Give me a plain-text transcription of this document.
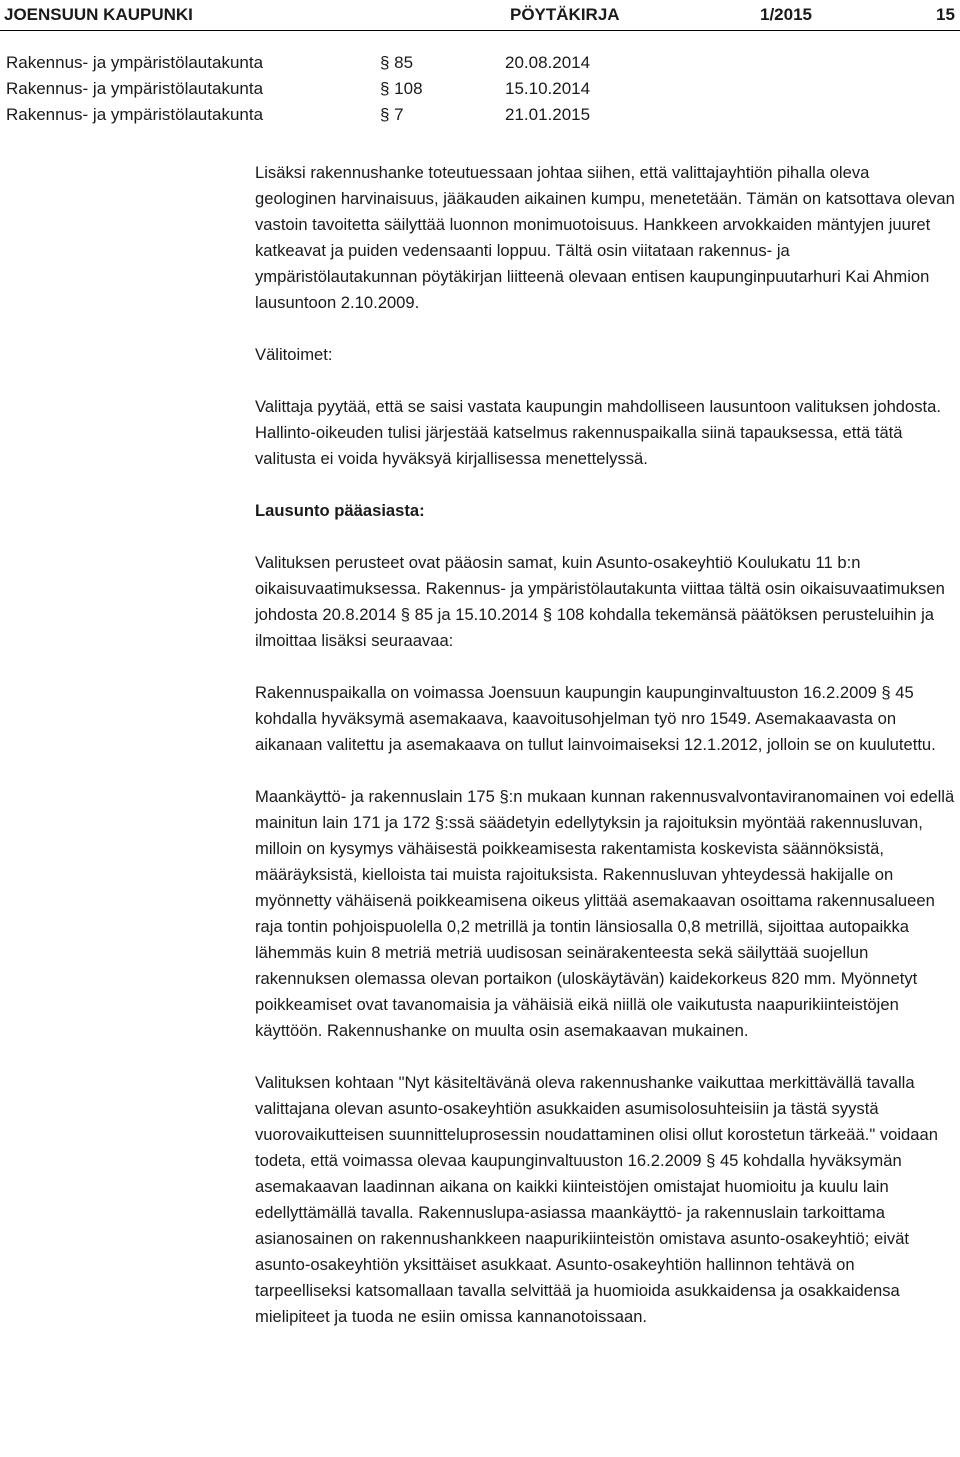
JOENSUUN KAUPUNKI	PÖYTÄKIRJA	1/2015	15
Rakennus- ja ympäristölautakunta	§ 85	20.08.2014
Rakennus- ja ympäristölautakunta	§ 108	15.10.2014
Rakennus- ja ympäristölautakunta	§ 7	21.01.2015

Lisäksi rakennushanke toteutuessaan johtaa siihen, että valittajayhtiön pihalla oleva geologinen harvinaisuus, jääkauden aikainen kumpu, menetetään. Tämän on katsottava olevan vastoin tavoitetta säilyttää luonnon monimuotoisuus. Hankkeen arvokkaiden mäntyjen juuret katkeavat ja puiden vedensaanti loppuu. Tältä osin viitataan rakennus- ja ympäristölautakunnan pöytäkirjan liitteenä olevaan entisen kaupunginpuutarhuri Kai Ahmion lausuntoon 2.10.2009.

Välitoimet:

Valittaja pyytää, että se saisi vastata kaupungin mahdolliseen lausuntoon valituksen johdosta. Hallinto-oikeuden tulisi järjestää katselmus rakennuspaikalla siinä tapauksessa, että tätä valitusta ei voida hyväksyä kirjallisessa menettelyssä.

Lausunto pääasiasta:

Valituksen perusteet ovat pääosin samat, kuin Asunto-osakeyhtiö Koulukatu 11 b:n oikaisuvaatimuksessa. Rakennus- ja ympäristölautakunta viittaa tältä osin oikaisuvaatimuksen johdosta 20.8.2014 § 85 ja 15.10.2014 § 108 kohdalla tekemänsä päätöksen perusteluihin ja ilmoittaa lisäksi seuraavaa:

Rakennuspaikalla on voimassa Joensuun kaupungin kaupunginvaltuuston 16.2.2009 § 45 kohdalla hyväksymä asemakaava, kaavoitusohjelman työ nro 1549. Asemakaavasta on aikanaan valitettu ja asemakaava on tullut lainvoimaiseksi 12.1.2012, jolloin se on kuulutettu.

Maankäyttö- ja rakennuslain 175 §:n mukaan kunnan rakennusvalvontaviranomainen voi edellä mainitun lain 171 ja 172 §:ssä säädetyin edellytyksin ja rajoituksin myöntää rakennusluvan, milloin on kysymys vähäisestä poikkeamisesta rakentamista koskevista säännöksistä, määräyksistä, kielloista tai muista rajoituksista. Rakennusluvan yhteydessä hakijalle on myönnetty vähäisenä poikkeamisena oikeus ylittää asemakaavan osoittama rakennusalueen raja tontin pohjoispuolella 0,2 metrillä ja tontin länsiosalla 0,8 metrillä, sijoittaa autopaikka lähemmäs kuin 8 metriä metriä uudisosan seinärakenteesta sekä säilyttää suojellun rakennuksen olemassa olevan portaikon (uloskäytävän) kaidekorkeus 820 mm. Myönnetyt poikkeamiset ovat tavanomaisia ja vähäisiä eikä niillä ole vaikutusta naapurikiinteistöjen käyttöön. Rakennushanke on muulta osin asemakaavan mukainen.

Valituksen kohtaan "Nyt käsiteltävänä oleva rakennushanke vaikuttaa merkittävällä tavalla valittajana olevan asunto-osakeyhtiön asukkaiden asumisolosuhteisiin ja tästä syystä vuorovaikutteisen suunnitteluprosessin noudattaminen olisi ollut korostetun tärkeää." voidaan todeta, että voimassa olevaa kaupunginvaltuuston 16.2.2009 § 45 kohdalla hyväksymän asemakaavan laadinnan aikana on kaikki kiinteistöjen omistajat huomioitu ja kuulu lain edellyttämällä tavalla. Rakennuslupa-asiassa maankäyttö- ja rakennuslain tarkoittama asianosainen on rakennushankkeen naapurikiinteistön omistava asunto-osakeyhtiö; eivät asunto-osakeyhtiön yksittäiset asukkaat. Asunto-osakeyhtiön hallinnon tehtävä on tarpeelliseksi katsomallaan tavalla selvittää ja huomioida asukkaidensa ja osakkaidensa mielipiteet ja tuoda ne esiin omissa kannanotoissaan.
